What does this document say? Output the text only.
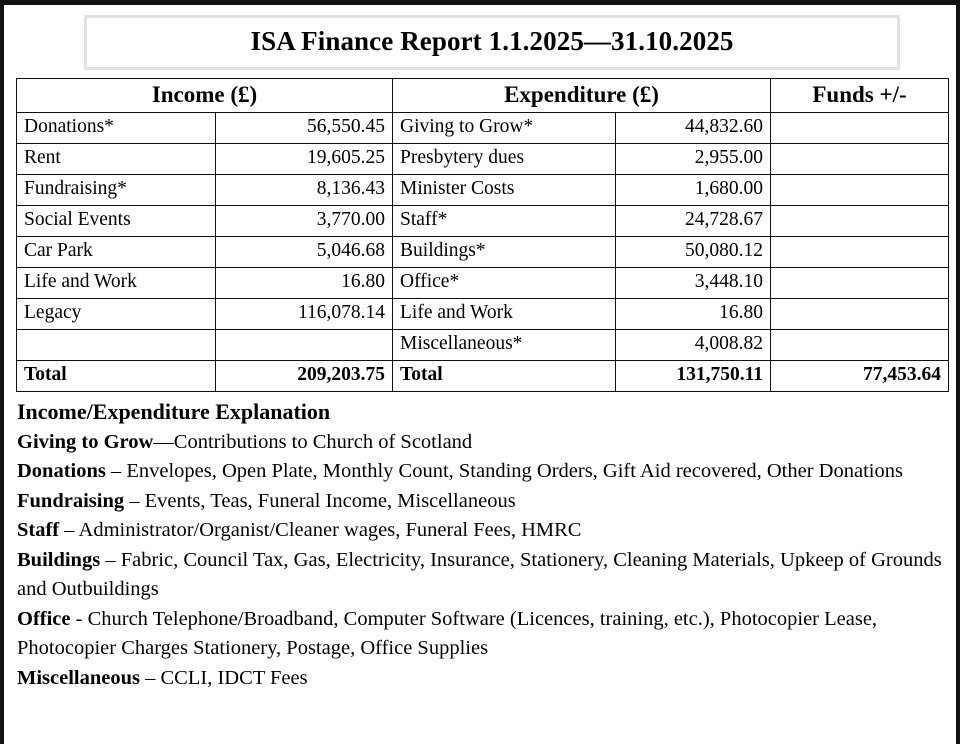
ISA Finance Report 1.1.2025—31.10.2025
Income (£)		Expenditure (£)		Funds +/-
Donations*	56,550.45	Giving to Grow*	44,832.60	
Rent	19,605.25	Presbytery dues	2,955.00	
Fundraising*	8,136.43	Minister Costs	1,680.00	
Social Events	3,770.00	Staff*	24,728.67	
Car Park	5,046.68	Buildings*	50,080.12	
Life and Work	16.80	Office*	3,448.10	
Legacy	116,078.14	Life and Work	16.80	
		Miscellaneous*	4,008.82	
Total	209,203.75	Total	131,750.11	77,453.64
Income/Expenditure Explanation
Giving to Grow—Contributions to Church of Scotland
Donations – Envelopes, Open Plate, Monthly Count, Standing Orders, Gift Aid recovered, Other Donations
Fundraising – Events, Teas, Funeral Income, Miscellaneous
Staff – Administrator/Organist/Cleaner wages, Funeral Fees, HMRC
Buildings – Fabric, Council Tax, Gas, Electricity, Insurance, Stationery, Cleaning Materials, Upkeep of Grounds and Outbuildings
Office - Church Telephone/Broadband, Computer Software (Licences, training, etc.), Photocopier Lease, Photocopier Charges Stationery, Postage, Office Supplies
Miscellaneous – CCLI, IDCT Fees
